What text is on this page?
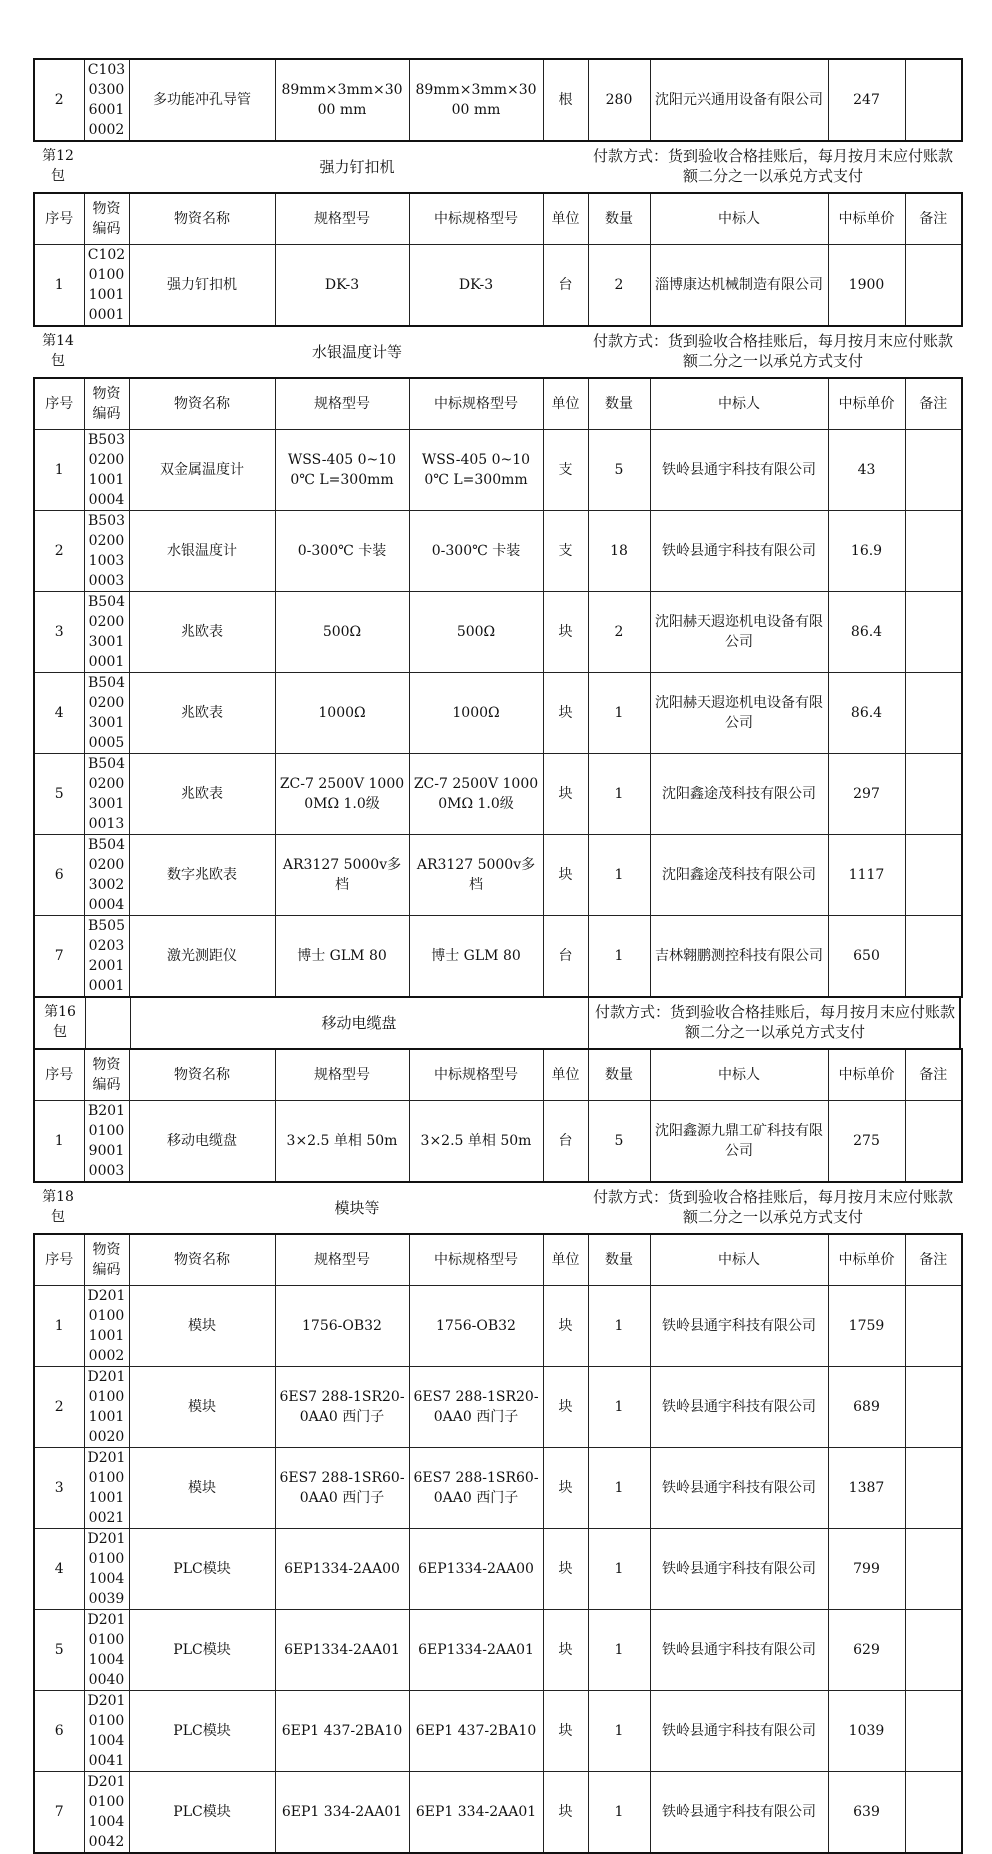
2	C1030300 60010002	多功能冲孔导管	89mm×3mm×3000 mm	89mm×3mm×3000 mm	根	280	沈阳元兴通用设备有限公司	247	
第12 包	强力钉扣机
付款方式：货到验收合格挂账后，每月按月末应付账款额二分之一以承兑方式支付
序号	物资编码	物资名称	规格型号	中标规格型号	单位	数量	中标人	中标单价	备注
1	C1020100 10010001	强力钉扣机	DK-3	DK-3	台	2	淄博康达机械制造有限公司	1900	
第14 包	水银温度计等
付款方式：货到验收合格挂账后，每月按月末应付账款额二分之一以承兑方式支付
序号	物资编码	物资名称	规格型号	中标规格型号	单位	数量	中标人	中标单价	备注
1	B5030200 10010004	双金属温度计	WSS-405 0~100℃ L=300mm	WSS-405 0~100℃ L=300mm	支	5	铁岭县通宇科技有限公司	43	
2	B5030200 10030003	水银温度计	0-300℃ 卡装	0-300℃ 卡装	支	18	铁岭县通宇科技有限公司	16.9	
3	B5040200 30010001	兆欧表	500Ω	500Ω	块	2	沈阳赫天遐迩机电设备有限公司	86.4	
4	B5040200 30010005	兆欧表	1000Ω	1000Ω	块	1	沈阳赫天遐迩机电设备有限公司	86.4	
5	B5040200 30010013	兆欧表	ZC-7 2500V 10000MΩ 1.0级	ZC-7 2500V 10000MΩ 1.0级	块	1	沈阳鑫途茂科技有限公司	297	
6	B5040200 30020004	数字兆欧表	AR3127 5000v多档	AR3127 5000v多档	块	1	沈阳鑫途茂科技有限公司	1117	
7	B5050203 20010001	激光测距仪	博士 GLM 80	博士 GLM 80	台	1	吉林翱鹏测控科技有限公司	650	
第16 包	移动电缆盘
付款方式：货到验收合格挂账后，每月按月末应付账款额二分之一以承兑方式支付
序号	物资编码	物资名称	规格型号	中标规格型号	单位	数量	中标人	中标单价	备注
1	B2010100 90010003	移动电缆盘	3×2.5 单相 50m	3×2.5 单相 50m	台	5	沈阳鑫源九鼎工矿科技有限公司	275	
第18 包	模块等
付款方式：货到验收合格挂账后，每月按月末应付账款额二分之一以承兑方式支付
序号	物资编码	物资名称	规格型号	中标规格型号	单位	数量	中标人	中标单价	备注
1	D2010100 10010002	模块	1756-OB32	1756-OB32	块	1	铁岭县通宇科技有限公司	1759	
2	D2010100 10010020	模块	6ES7 288-1SR20-0AA0 西门子	6ES7 288-1SR20-0AA0 西门子	块	1	铁岭县通宇科技有限公司	689	
3	D2010100 10010021	模块	6ES7 288-1SR60-0AA0 西门子	6ES7 288-1SR60-0AA0 西门子	块	1	铁岭县通宇科技有限公司	1387	
4	D2010100 10040039	PLC模块	6EP1334-2AA00	6EP1334-2AA00	块	1	铁岭县通宇科技有限公司	799	
5	D2010100 10040040	PLC模块	6EP1334-2AA01	6EP1334-2AA01	块	1	铁岭县通宇科技有限公司	629	
6	D2010100 10040041	PLC模块	6EP1 437-2BA10	6EP1 437-2BA10	块	1	铁岭县通宇科技有限公司	1039	
7	D2010100 10040042	PLC模块	6EP1 334-2AA01	6EP1 334-2AA01	块	1	铁岭县通宇科技有限公司	639	
